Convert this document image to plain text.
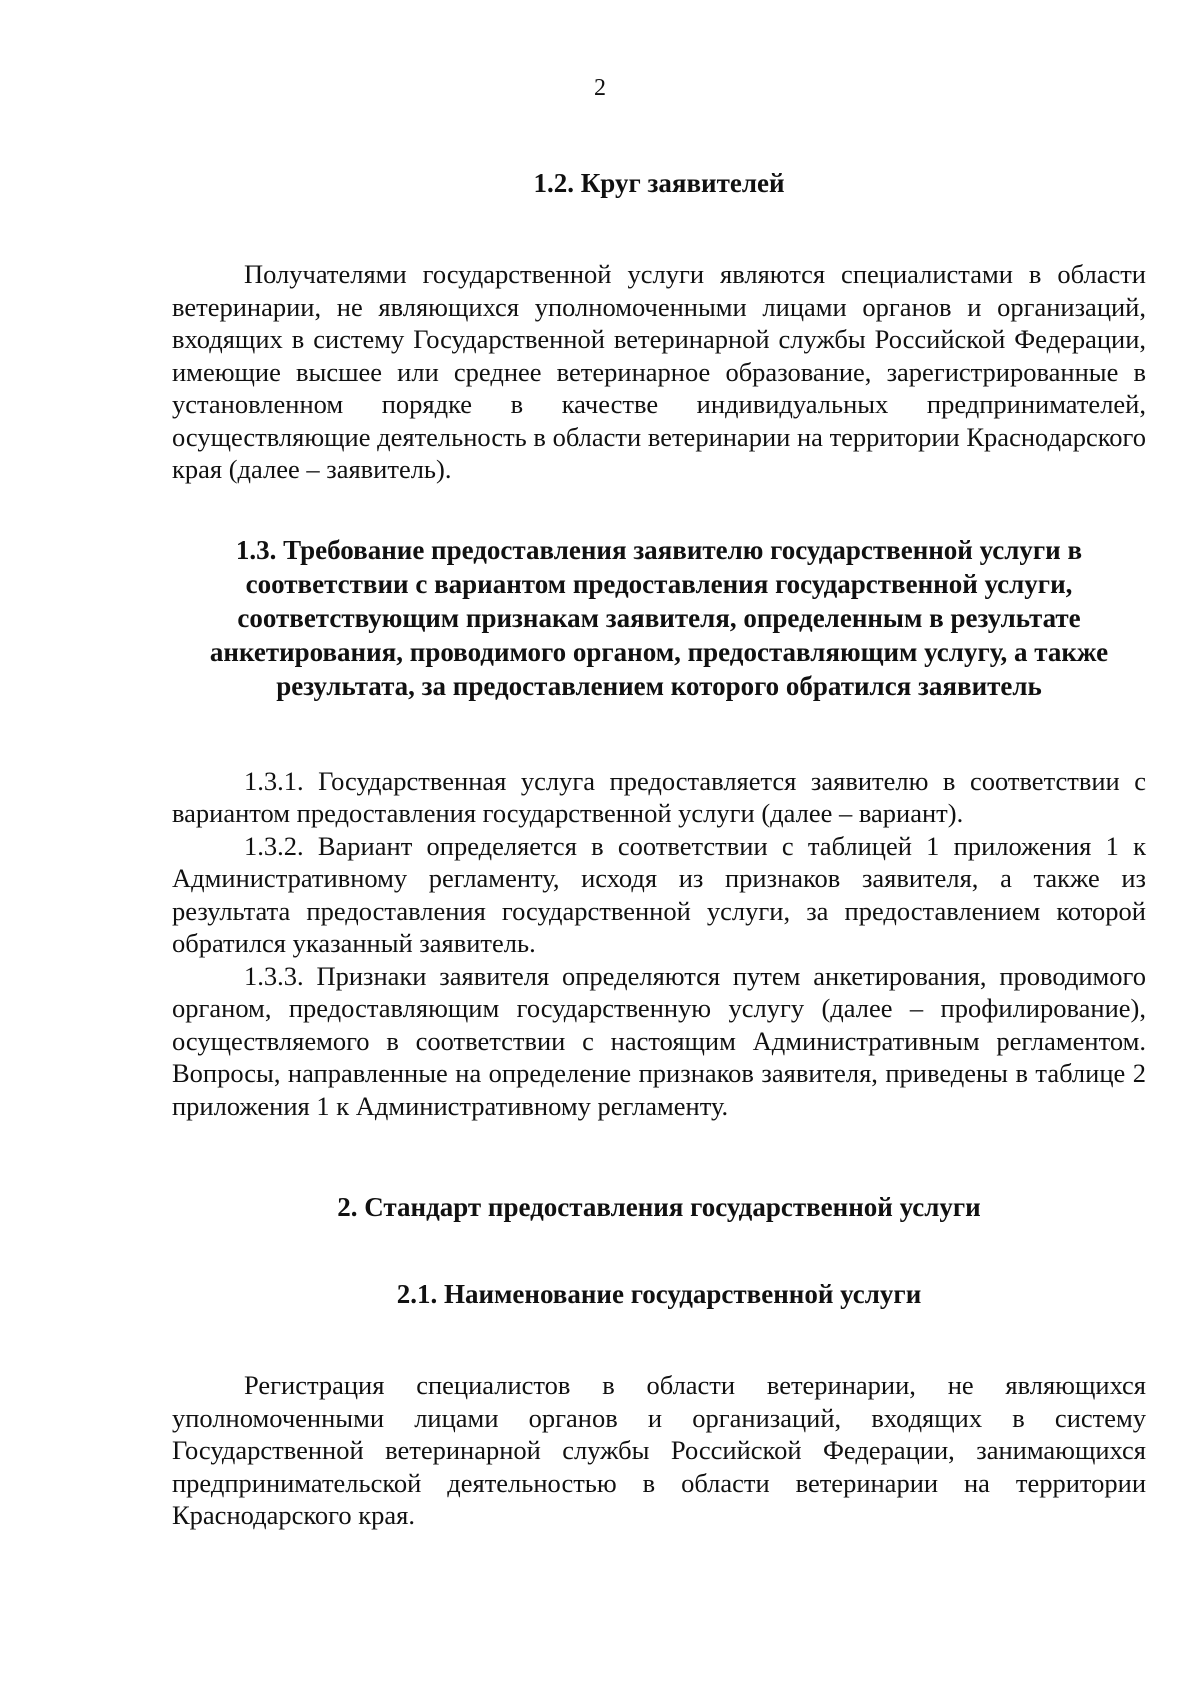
2
1.2. Круг заявителей

Получателями государственной услуги являются специалистами в области ветеринарии, не являющихся уполномоченными лицами органов и организаций, входящих в систему Государственной ветеринарной службы Российской Федерации, имеющие высшее или среднее ветеринарное образование, зарегистрированные в установленном порядке в качестве индивидуальных предпринимателей, осуществляющие деятельность в области ветеринарии на территории Краснодарского края (далее – заявитель).

1.3. Требование предоставления заявителю государственной услуги в соответствии с вариантом предоставления государственной услуги, соответствующим признакам заявителя, определенным в результате анкетирования, проводимого органом, предоставляющим услугу, а также результата, за предоставлением которого обратился заявитель

1.3.1. Государственная услуга предоставляется заявителю в соответствии с вариантом предоставления государственной услуги (далее – вариант).

1.3.2. Вариант определяется в соответствии с таблицей 1 приложения 1 к Административному регламенту, исходя из признаков заявителя, а также из результата предоставления государственной услуги, за предоставлением которой обратился указанный заявитель.

1.3.3. Признаки заявителя определяются путем анкетирования, проводимого органом, предоставляющим государственную услугу (далее – профилирование), осуществляемого в соответствии с настоящим Административным регламентом. Вопросы, направленные на определение признаков заявителя, приведены в таблице 2 приложения 1 к Административному регламенту.

2. Стандарт предоставления государственной услуги
2.1. Наименование государственной услуги

Регистрация специалистов в области ветеринарии, не являющихся уполномоченными лицами органов и организаций, входящих в систему Государственной ветеринарной службы Российской Федерации, занимающихся предпринимательской деятельностью в области ветеринарии на территории Краснодарского края.
